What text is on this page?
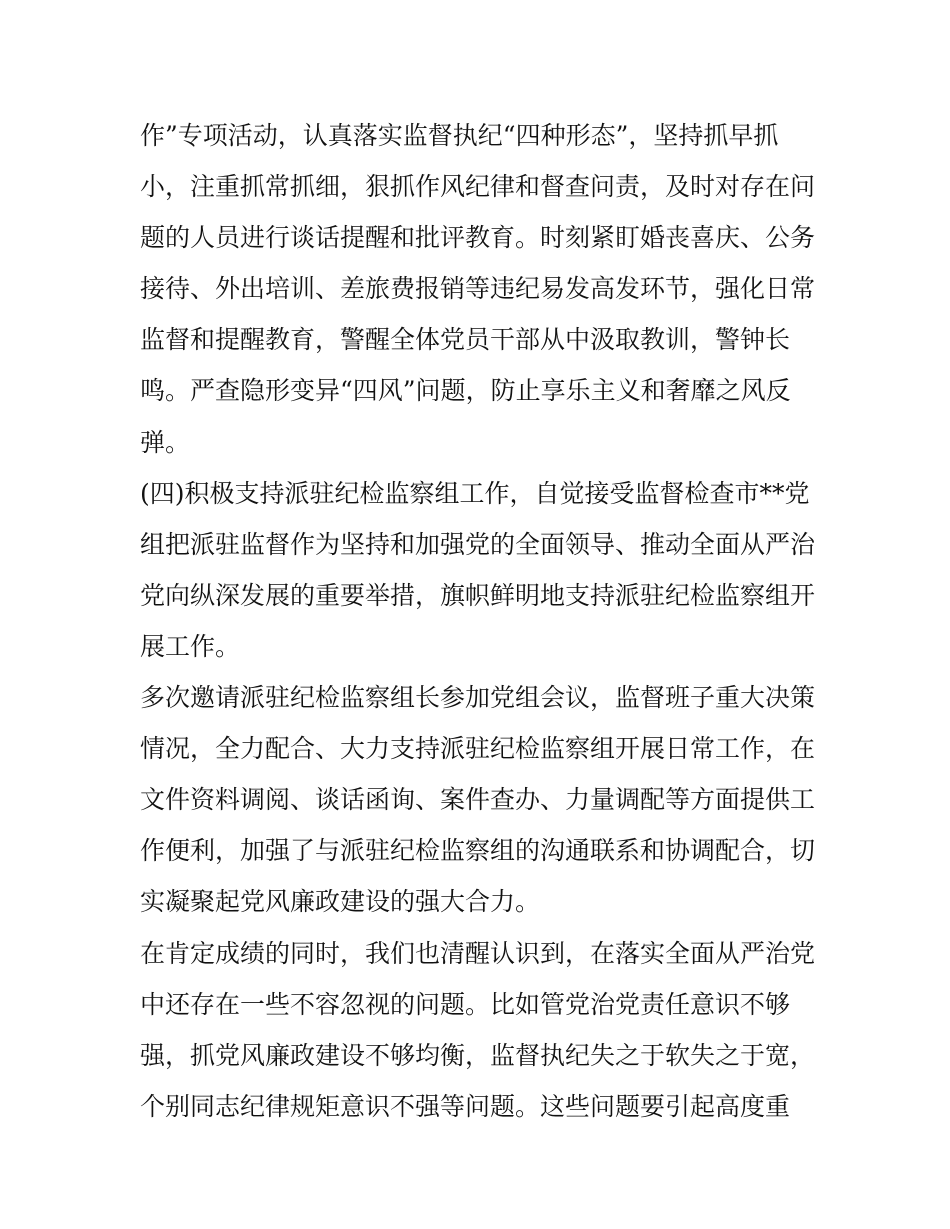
作”专项活动，认真落实监督执纪“四种形态”，坚持抓早抓
小，注重抓常抓细，狠抓作风纪律和督查问责，及时对存在问
题的人员进行谈话提醒和批评教育。时刻紧盯婚丧喜庆、公务
接待、外出培训、差旅费报销等违纪易发高发环节，强化日常
监督和提醒教育，警醒全体党员干部从中汲取教训，警钟长
鸣。严查隐形变异“四风”问题，防止享乐主义和奢靡之风反
弹。
(四)积极支持派驻纪检监察组工作，自觉接受监督检查市**党
组把派驻监督作为坚持和加强党的全面领导、推动全面从严治
党向纵深发展的重要举措，旗帜鲜明地支持派驻纪检监察组开
展工作。
多次邀请派驻纪检监察组长参加党组会议，监督班子重大决策
情况，全力配合、大力支持派驻纪检监察组开展日常工作，在
文件资料调阅、谈话函询、案件查办、力量调配等方面提供工
作便利，加强了与派驻纪检监察组的沟通联系和协调配合，切
实凝聚起党风廉政建设的强大合力。
在肯定成绩的同时，我们也清醒认识到，在落实全面从严治党
中还存在一些不容忽视的问题。比如管党治党责任意识不够
强，抓党风廉政建设不够均衡，监督执纪失之于软失之于宽，
个别同志纪律规矩意识不强等问题。这些问题要引起高度重
